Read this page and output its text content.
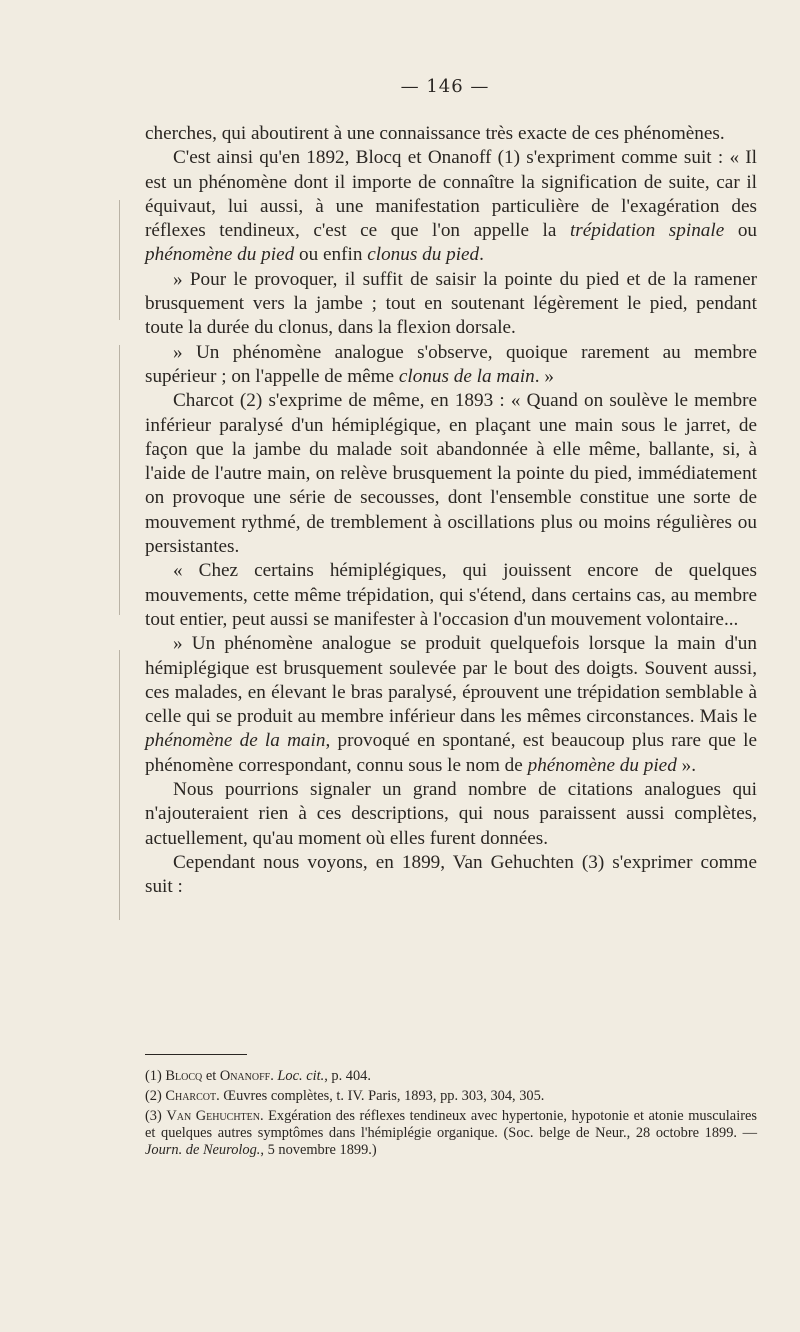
— 146 —

cherches, qui aboutirent à une connaissance très exacte de ces phénomènes.

C'est ainsi qu'en 1892, Blocq et Onanoff (1) s'expriment comme suit : « Il est un phénomène dont il importe de connaître la signification de suite, car il équivaut, lui aussi, à une manifestation particulière de l'exagération des réflexes tendineux, c'est ce que l'on appelle la trépidation spinale ou phénomène du pied ou enfin clonus du pied.

» Pour le provoquer, il suffit de saisir la pointe du pied et de la ramener brusquement vers la jambe ; tout en soutenant légèrement le pied, pendant toute la durée du clonus, dans la flexion dorsale.

» Un phénomène analogue s'observe, quoique rarement au membre supérieur ; on l'appelle de même clonus de la main. »

Charcot (2) s'exprime de même, en 1893 : « Quand on soulève le membre inférieur paralysé d'un hémiplégique, en plaçant une main sous le jarret, de façon que la jambe du malade soit abandonnée à elle même, ballante, si, à l'aide de l'autre main, on relève brusquement la pointe du pied, immédiatement on provoque une série de secousses, dont l'ensemble constitue une sorte de mouvement rythmé, de tremblement à oscillations plus ou moins régulières ou persistantes.

« Chez certains hémiplégiques, qui jouissent encore de quelques mouvements, cette même trépidation, qui s'étend, dans certains cas, au membre tout entier, peut aussi se manifester à l'occasion d'un mouvement volontaire...

» Un phénomène analogue se produit quelquefois lorsque la main d'un hémiplégique est brusquement soulevée par le bout des doigts. Souvent aussi, ces malades, en élevant le bras paralysé, éprouvent une trépidation semblable à celle qui se produit au membre inférieur dans les mêmes circonstances. Mais le phénomène de la main, provoqué en spontané, est beaucoup plus rare que le phénomène correspondant, connu sous le nom de phénomène du pied ».

Nous pourrions signaler un grand nombre de citations analogues qui n'ajouteraient rien à ces descriptions, qui nous paraissent aussi complètes, actuellement, qu'au moment où elles furent données.

Cependant nous voyons, en 1899, Van Gehuchten (3) s'exprimer comme suit :

(1) Blocq et Onanoff. Loc. cit., p. 404.

(2) Charcot. Œuvres complètes, t. IV. Paris, 1893, pp. 303, 304, 305.

(3) Van Gehuchten. Exgération des réflexes tendineux avec hypertonie, hypotonie et atonie musculaires et quelques autres symptômes dans l'hémiplégie organique. (Soc. belge de Neur., 28 octobre 1899. — Journ. de Neurolog., 5 novembre 1899.)
